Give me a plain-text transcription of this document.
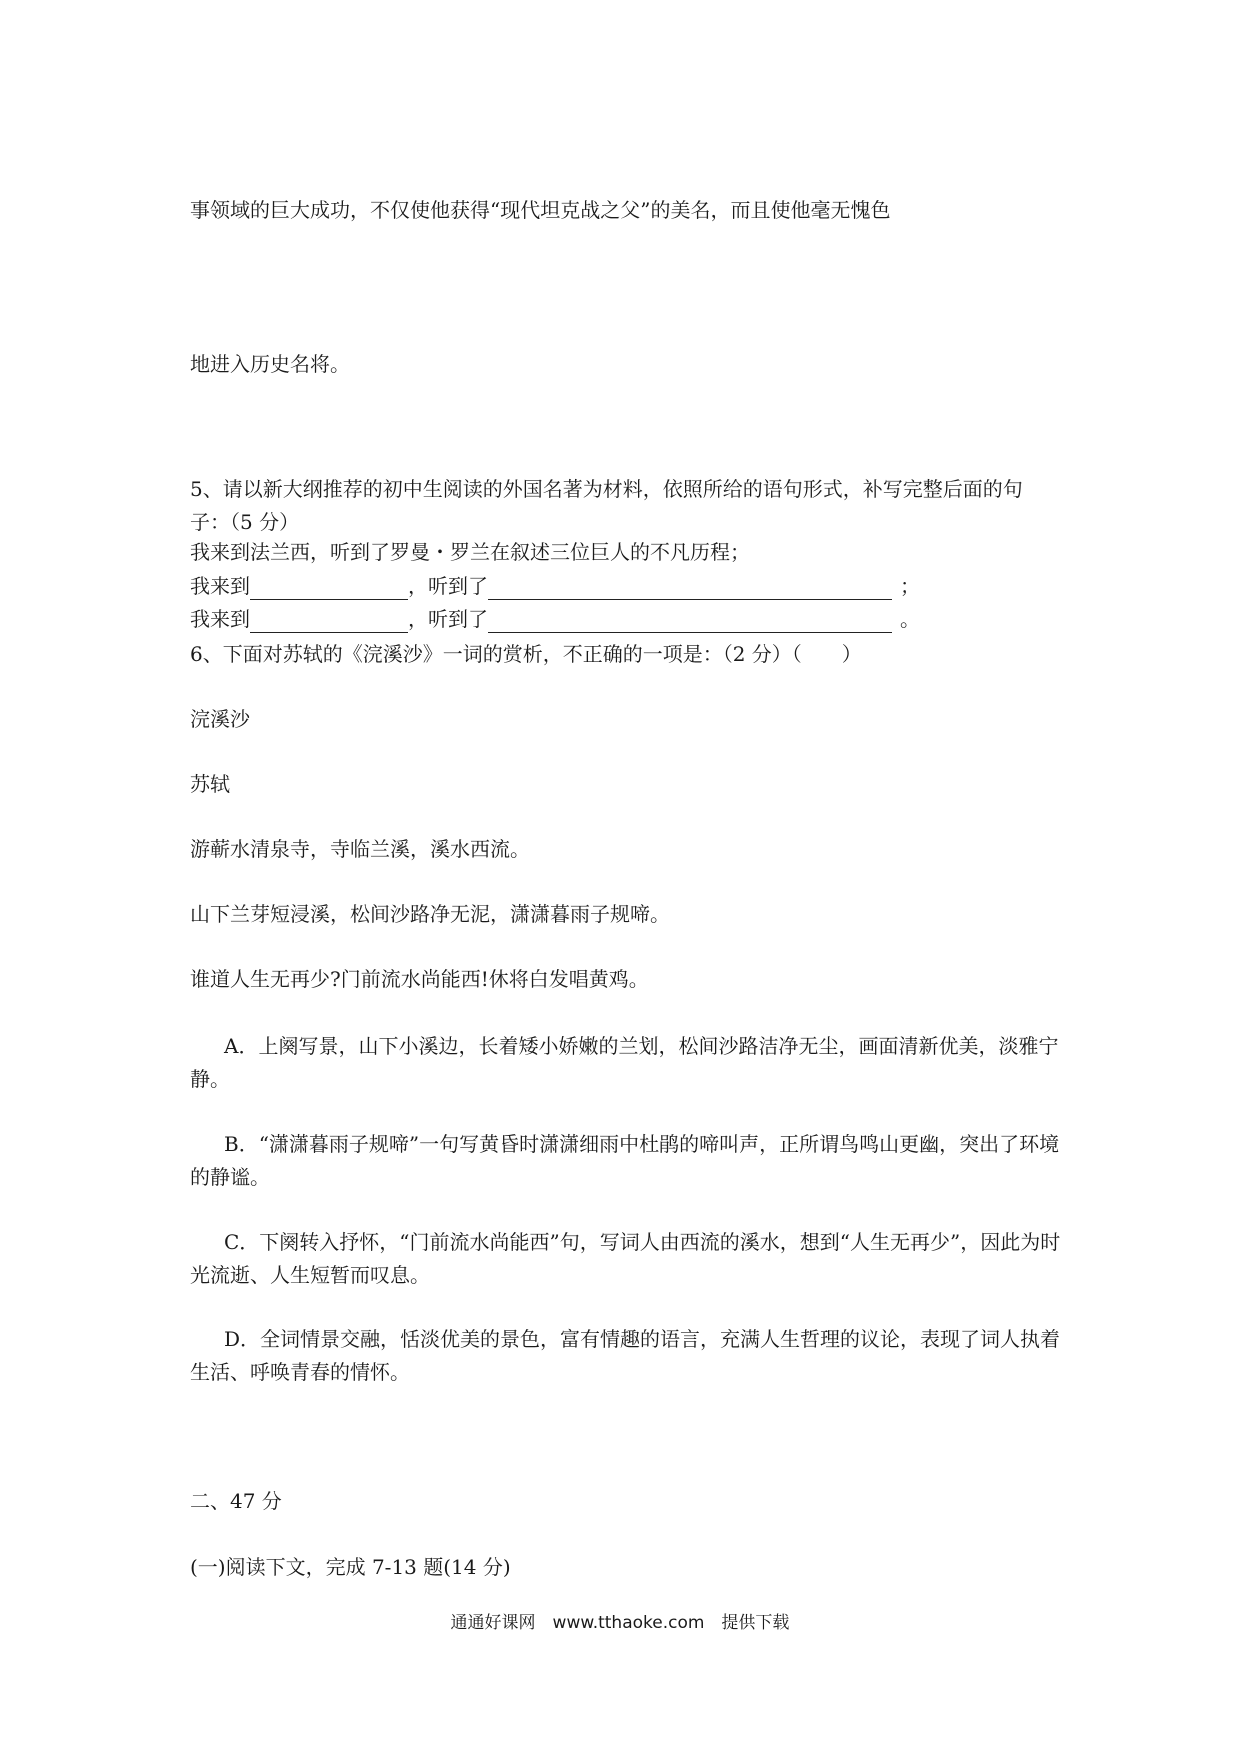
事领域的巨大成功，不仅使他获得“现代坦克战之父”的美名，而且使他毫无愧色
地进入历史名将。
5、请以新大纲推荐的初中生阅读的外国名著为材料，依照所给的语句形式，补写完整后面的句子：（5 分）
我来到法兰西，听到了罗曼・罗兰在叙述三位巨人的不凡历程；
我来到	，听到了	；
我来到	，听到了	。
6、下面对苏轼的《浣溪沙》一词的赏析，不正确的一项是：（2 分）（　　）
浣溪沙
苏轼
游蕲水清泉寺，寺临兰溪，溪水西流。
山下兰芽短浸溪，松间沙路净无泥，潇潇暮雨子规啼。
谁道人生无再少?门前流水尚能西!休将白发唱黄鸡。
A．上阕写景，山下小溪边，长着矮小娇嫩的兰划，松间沙路洁净无尘，画面清新优美，淡雅宁静。
B．“潇潇暮雨子规啼”一句写黄昏时潇潇细雨中杜鹃的啼叫声，正所谓鸟鸣山更幽，突出了环境的静谧。
C．下阕转入抒怀，“门前流水尚能西”句，写词人由西流的溪水，想到“人生无再少”，因此为时光流逝、人生短暂而叹息。
D．全词情景交融，恬淡优美的景色，富有情趣的语言，充满人生哲理的议论，表现了词人执着生活、呼唤青春的情怀。
二、47 分
(一)阅读下文，完成 7-13 题(14 分)
通通好课网　www.tthaoke.com　提供下载
